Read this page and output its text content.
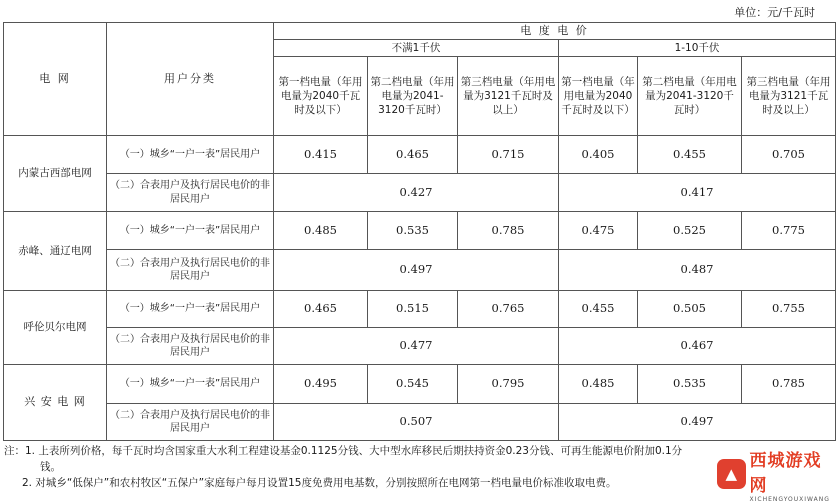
单位：元/千瓦时
电 网	用户分类	电 度 电 价					
		不满1千伏			1-10千伏		
		第一档电量（年用电量为2040千瓦时及以下）	第二档电量（年用电量为2041-3120千瓦时）	第三档电量（年用电量为3121千瓦时及以上）	第一档电量（年用电量为2040千瓦时及以下）	第二档电量（年用电量为2041-3120千瓦时）	第三档电量（年用电量为3121千瓦时及以上）
内蒙古西部电网	（一）城乡“一户一表”居民用户	0.415	0.465	0.715	0.405	0.455	0.705
	（二）合表用户及执行居民电价的非居民用户	0.427			0.417		
赤峰、通辽电网	（一）城乡“一户一表”居民用户	0.485	0.535	0.785	0.475	0.525	0.775
	（二）合表用户及执行居民电价的非居民用户	0.497			0.487		
呼伦贝尔电网	（一）城乡“一户一表”居民用户	0.465	0.515	0.765	0.455	0.505	0.755
	（二）合表用户及执行居民电价的非居民用户	0.477			0.467		
兴 安 电 网	（一）城乡“一户一表”居民用户	0.495	0.545	0.795	0.485	0.535	0.785
	（二）合表用户及执行居民电价的非居民用户	0.507			0.497		

注：1. 上表所列价格，每千瓦时均含国家重大水利工程建设基金0.1125分钱、大中型水库移民后期扶持资金0.23分钱、可再生能源电价附加0.1分

钱。

2. 对城乡“低保户”和农村牧区“五保户”家庭每户每月设置15度免费用电基数，分别按照所在电网第一档电量电价标准收取电费。	▲
西城游戏网
XICHENGYOUXIWANG
